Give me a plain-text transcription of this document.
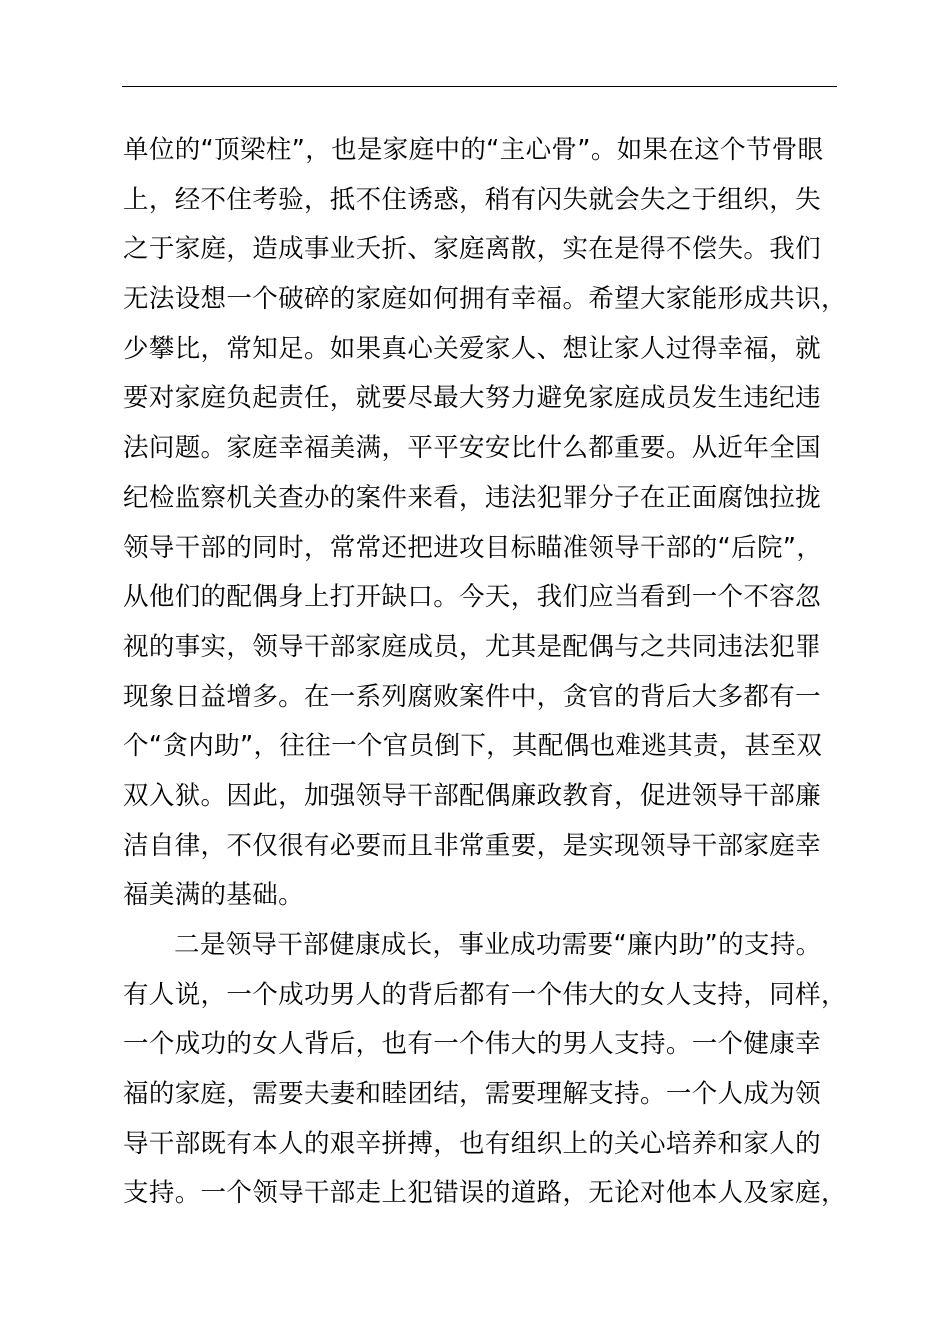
单位的“顶梁柱”，也是家庭中的“主心骨”。如果在这个节骨眼
上，经不住考验，抵不住诱惑，稍有闪失就会失之于组织，失
之于家庭，造成事业夭折、家庭离散，实在是得不偿失。我们
无法设想一个破碎的家庭如何拥有幸福。希望大家能形成共识，
少攀比，常知足。如果真心关爱家人、想让家人过得幸福，就
要对家庭负起责任，就要尽最大努力避免家庭成员发生违纪违
法问题。家庭幸福美满，平平安安比什么都重要。从近年全国
纪检监察机关查办的案件来看，违法犯罪分子在正面腐蚀拉拢
领导干部的同时，常常还把进攻目标瞄准领导干部的“后院”，
从他们的配偶身上打开缺口。今天，我们应当看到一个不容忽
视的事实，领导干部家庭成员，尤其是配偶与之共同违法犯罪
现象日益增多。在一系列腐败案件中，贪官的背后大多都有一
个“贪内助”，往往一个官员倒下，其配偶也难逃其责，甚至双
双入狱。因此，加强领导干部配偶廉政教育，促进领导干部廉
洁自律，不仅很有必要而且非常重要，是实现领导干部家庭幸
福美满的基础。
二是领导干部健康成长，事业成功需要“廉内助”的支持。
有人说，一个成功男人的背后都有一个伟大的女人支持，同样，
一个成功的女人背后，也有一个伟大的男人支持。一个健康幸
福的家庭，需要夫妻和睦团结，需要理解支持。一个人成为领
导干部既有本人的艰辛拼搏，也有组织上的关心培养和家人的
支持。一个领导干部走上犯错误的道路，无论对他本人及家庭，
